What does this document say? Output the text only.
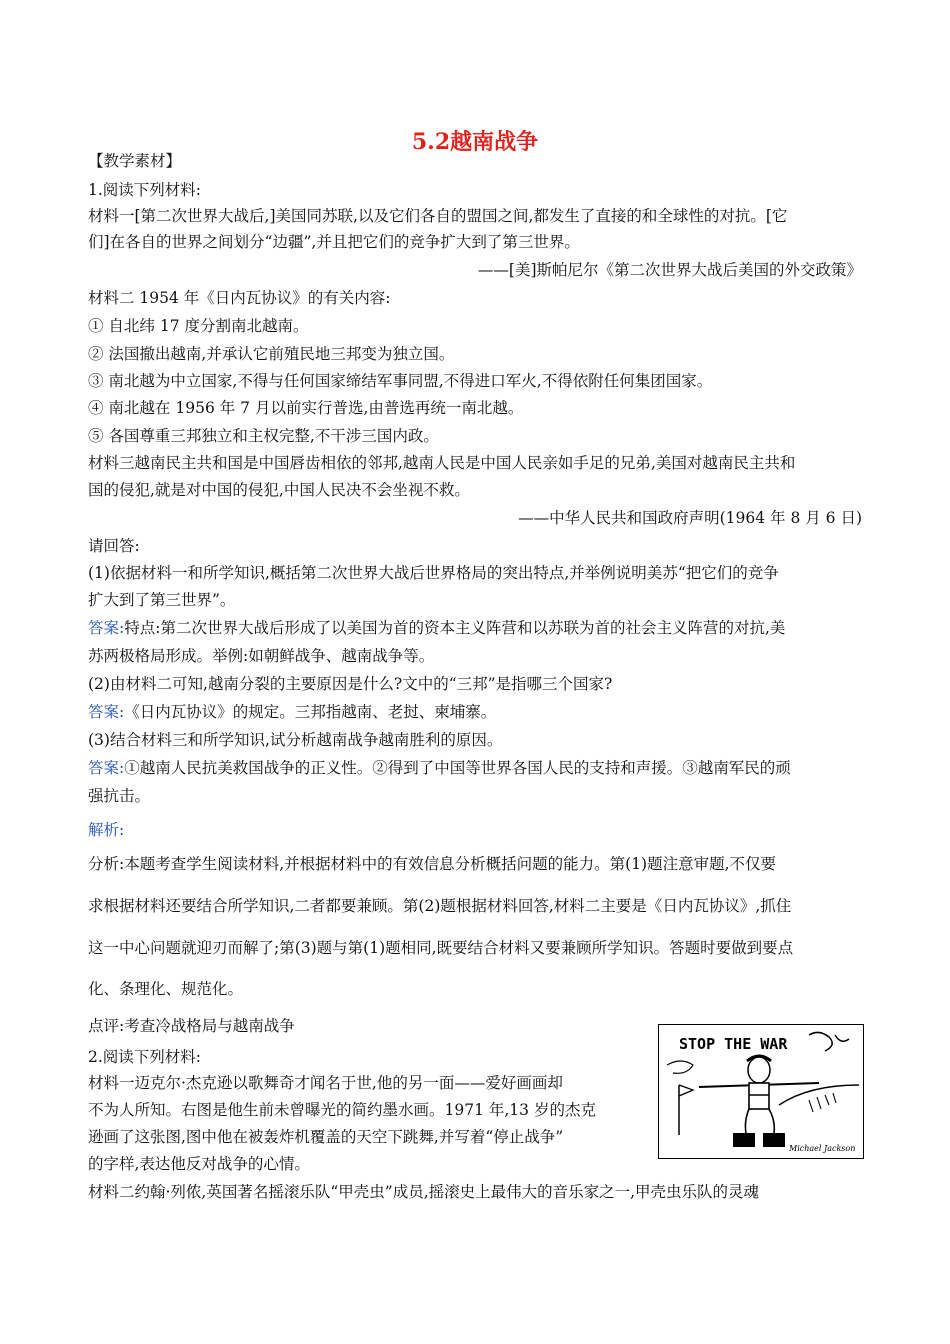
5.2越南战争
【教学素材】
1.阅读下列材料:
材料一[第二次世界大战后,]美国同苏联,以及它们各自的盟国之间,都发生了直接的和全球性的对抗。[它
们]在各自的世界之间划分“边疆”,并且把它们的竞争扩大到了第三世界。
——[美]斯帕尼尔《第二次世界大战后美国的外交政策》
材料二 1954 年《日内瓦协议》的有关内容:
① 自北纬 17 度分割南北越南。
② 法国撤出越南,并承认它前殖民地三邦变为独立国。
③ 南北越为中立国家,不得与任何国家缔结军事同盟,不得进口军火,不得依附任何集团国家。
④ 南北越在 1956 年 7 月以前实行普选,由普选再统一南北越。
⑤ 各国尊重三邦独立和主权完整,不干涉三国内政。
材料三越南民主共和国是中国唇齿相依的邻邦,越南人民是中国人民亲如手足的兄弟,美国对越南民主共和
国的侵犯,就是对中国的侵犯,中国人民决不会坐视不救。
——中华人民共和国政府声明(1964 年 8 月 6 日)
请回答:
(1)依据材料一和所学知识,概括第二次世界大战后世界格局的突出特点,并举例说明美苏“把它们的竞争
扩大到了第三世界”。
答案:特点:第二次世界大战后形成了以美国为首的资本主义阵营和以苏联为首的社会主义阵营的对抗,美
苏两极格局形成。举例:如朝鲜战争、越南战争等。
(2)由材料二可知,越南分裂的主要原因是什么?文中的“三邦”是指哪三个国家?
答案:《日内瓦协议》的规定。三邦指越南、老挝、柬埔寨。
(3)结合材料三和所学知识,试分析越南战争越南胜利的原因。
答案:①越南人民抗美救国战争的正义性。②得到了中国等世界各国人民的支持和声援。③越南军民的顽
强抗击。
解析:
分析:本题考查学生阅读材料,并根据材料中的有效信息分析概括问题的能力。第(1)题注意审题,不仅要
求根据材料还要结合所学知识,二者都要兼顾。第(2)题根据材料回答,材料二主要是《日内瓦协议》,抓住
这一中心问题就迎刃而解了;第(3)题与第(1)题相同,既要结合材料又要兼顾所学知识。答题时要做到要点
化、条理化、规范化。
点评:考查冷战格局与越南战争
2.阅读下列材料:
材料一迈克尔·杰克逊以歌舞奇才闻名于世,他的另一面——爱好画画却
不为人所知。右图是他生前未曾曝光的简约墨水画。1971 年,13 岁的杰克
逊画了这张图,图中他在被轰炸机覆盖的天空下跳舞,并写着“停止战争”
的字样,表达他反对战争的心情。
材料二约翰·列侬,英国著名摇滚乐队“甲壳虫”成员,摇滚史上最伟大的音乐家之一,甲壳虫乐队的灵魂
STOP THE WAR
Michael Jackson
